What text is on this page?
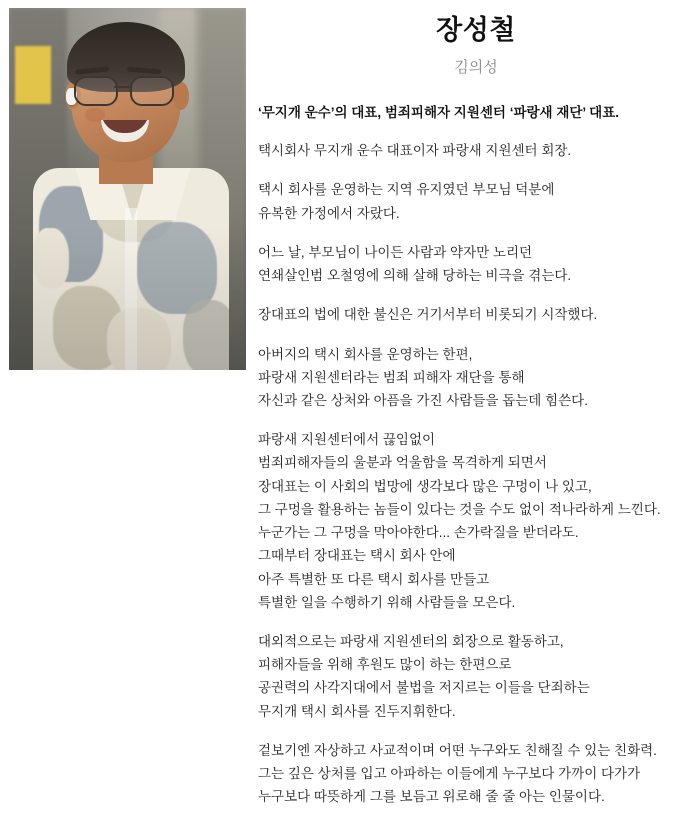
장성철
김의성
‘무지개 운수’의 대표, 범죄피해자 지원센터 ‘파랑새 재단’ 대표.
택시회사 무지개 운수 대표이자 파랑새 지원센터 회장.
택시 회사를 운영하는 지역 유지였던 부모님 덕분에
유복한 가정에서 자랐다.
어느 날, 부모님이 나이든 사람과 약자만 노리던
연쇄살인범 오철영에 의해 살해 당하는 비극을 겪는다.
장대표의 법에 대한 불신은 거기서부터 비롯되기 시작했다.
아버지의 택시 회사를 운영하는 한편,
파랑새 지원센터라는 범죄 피해자 재단을 통해
자신과 같은 상처와 아픔을 가진 사람들을 돕는데 힘쓴다.
파랑새 지원센터에서 끊임없이
범죄피해자들의 울분과 억울함을 목격하게 되면서
장대표는 이 사회의 법망에 생각보다 많은 구멍이 나 있고,
그 구멍을 활용하는 놈들이 있다는 것을 수도 없이 적나라하게 느낀다.
누군가는 그 구멍을 막아야한다... 손가락질을 받더라도.
그때부터 장대표는 택시 회사 안에
아주 특별한 또 다른 택시 회사를 만들고
특별한 일을 수행하기 위해 사람들을 모은다.
대외적으로는 파랑새 지원센터의 회장으로 활동하고,
피해자들을 위해 후원도 많이 하는 한편으로
공권력의 사각지대에서 불법을 저지르는 이들을 단죄하는
무지개 택시 회사를 진두지휘한다.
겉보기엔 자상하고 사교적이며 어떤 누구와도 친해질 수 있는 친화력.
그는 깊은 상처를 입고 아파하는 이들에게 누구보다 가까이 다가가
누구보다 따뜻하게 그를 보듬고 위로해 줄 줄 아는 인물이다.
